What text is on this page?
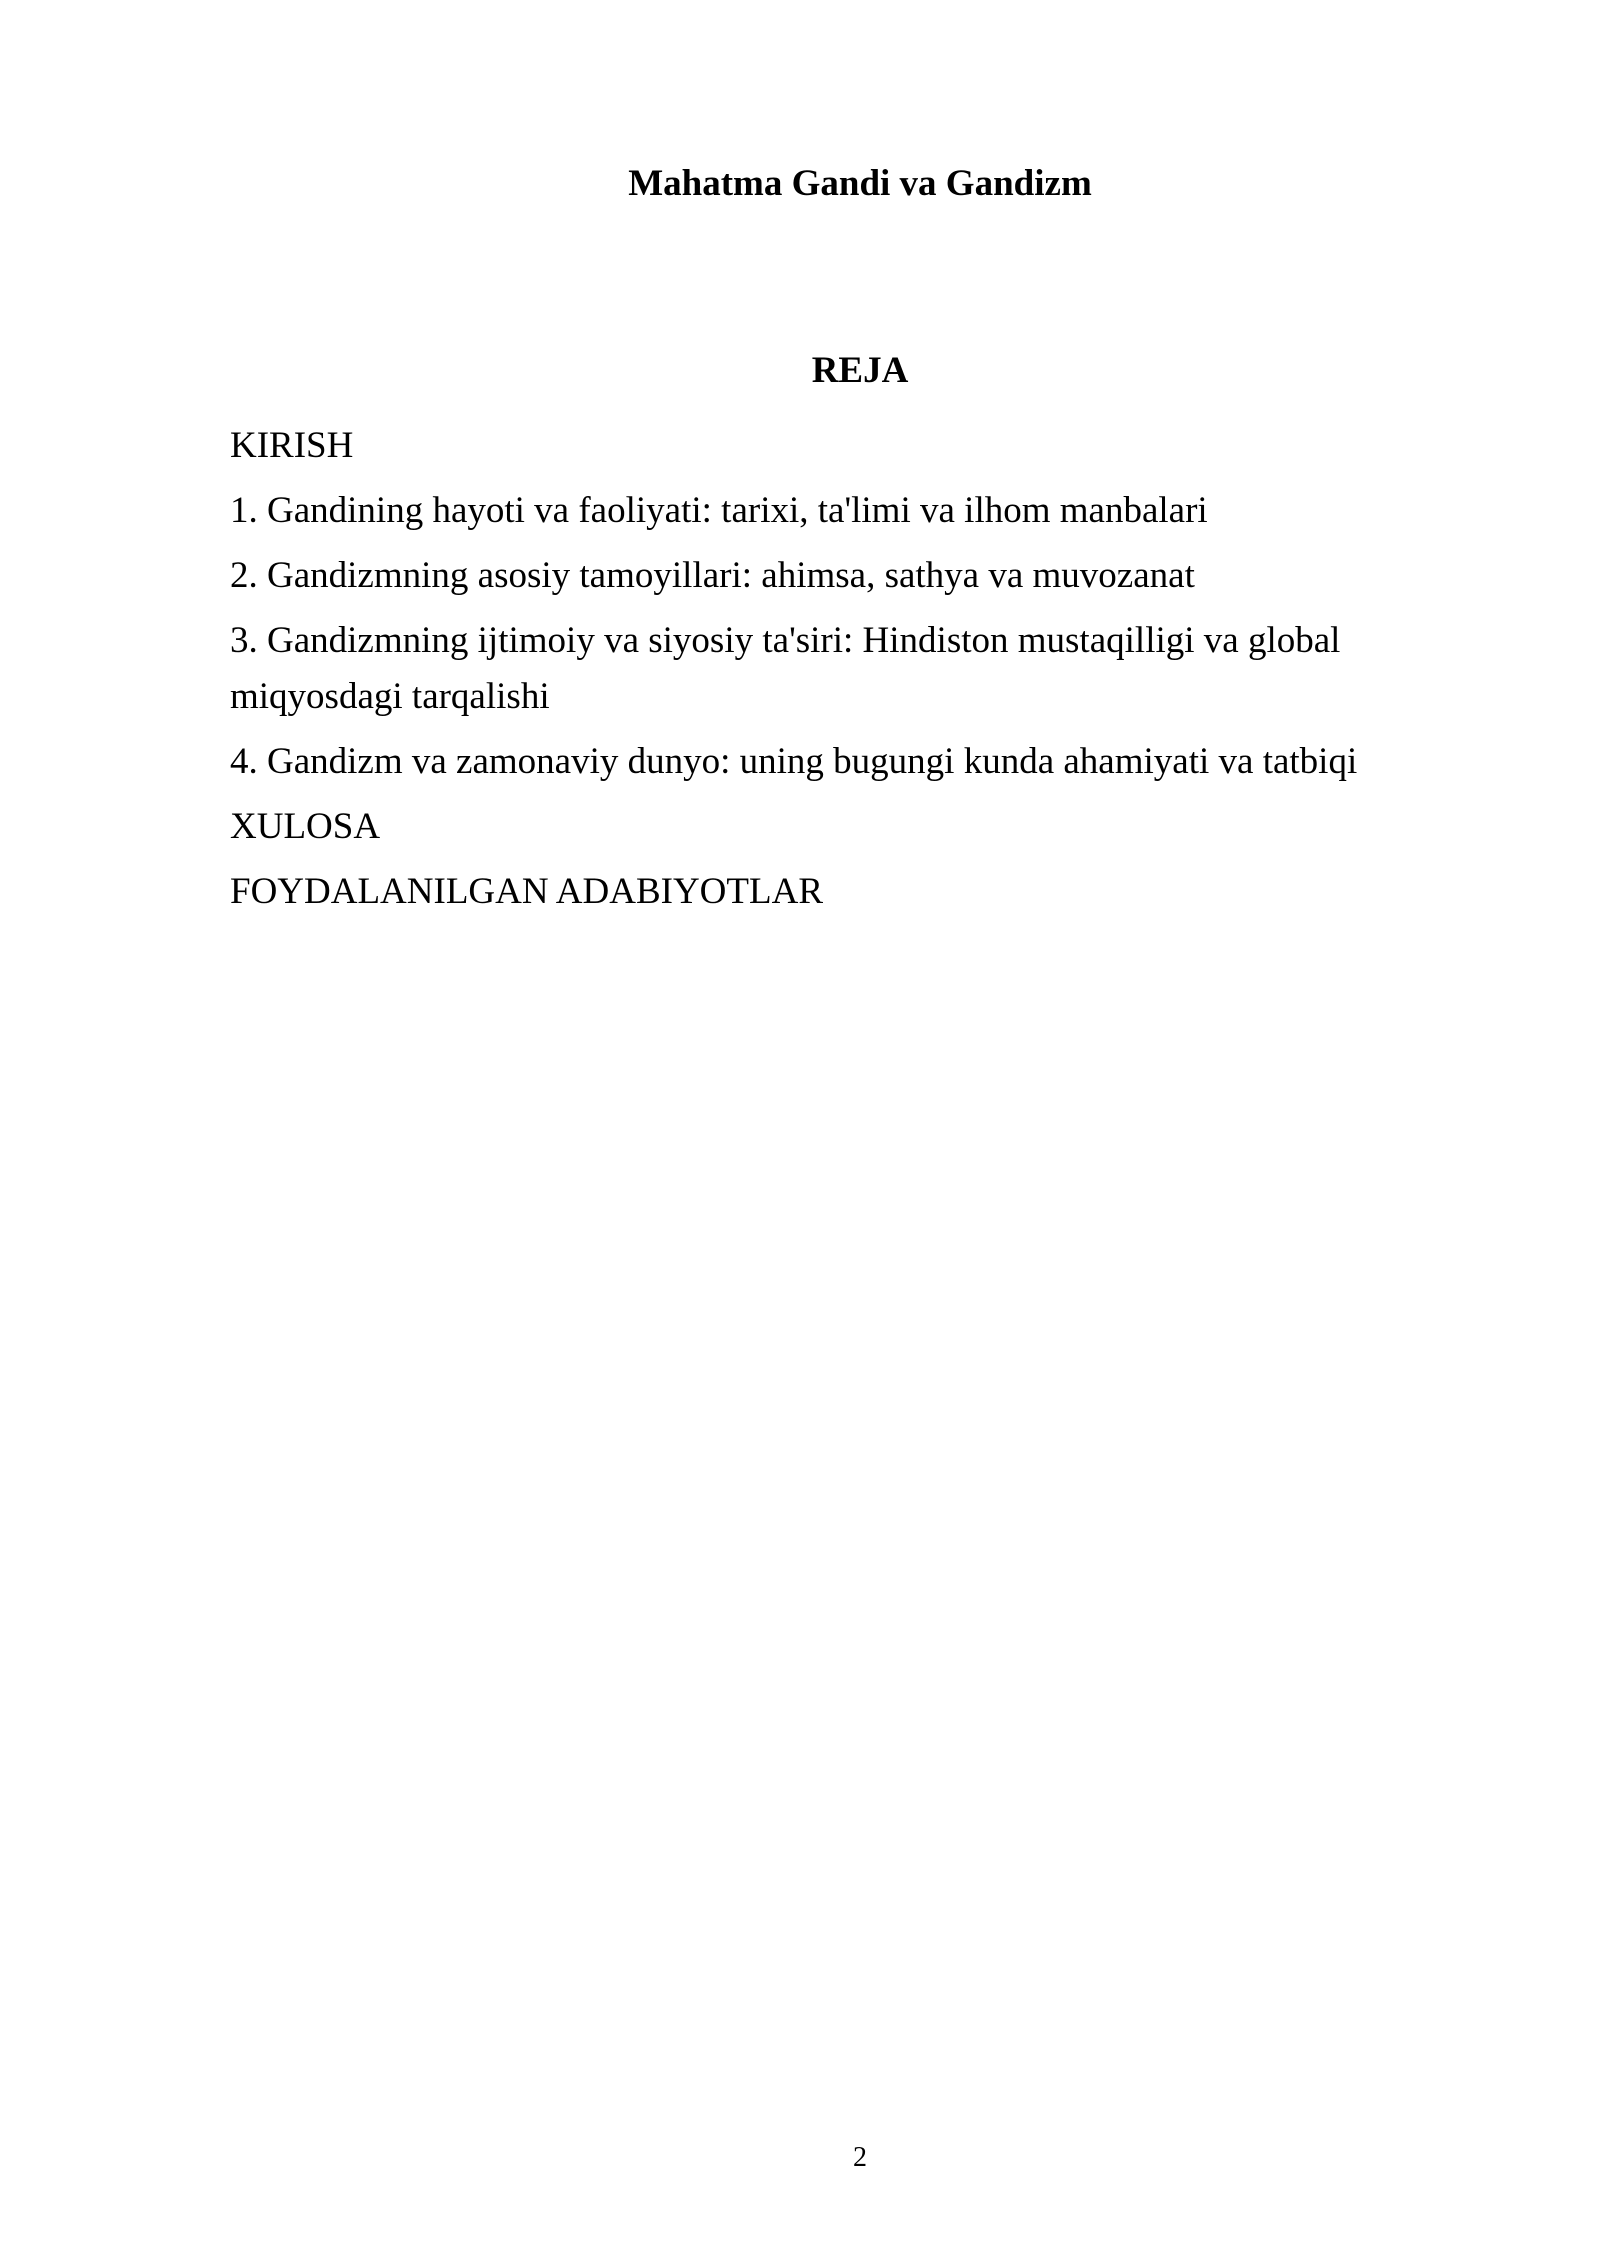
Mahatma Gandi va Gandizm
REJA
KIRISH
1. Gandining hayoti va faoliyati: tarixi, ta'limi va ilhom manbalari
2. Gandizmning asosiy tamoyillari: ahimsa, sathya va muvozanat
3. Gandizmning ijtimoiy va siyosiy ta'siri: Hindiston mustaqilligi va global miqyosdagi tarqalishi
4. Gandizm va zamonaviy dunyo: uning bugungi kunda ahamiyati va tatbiqi
XULOSA
FOYDALANILGAN ADABIYOTLAR
2
